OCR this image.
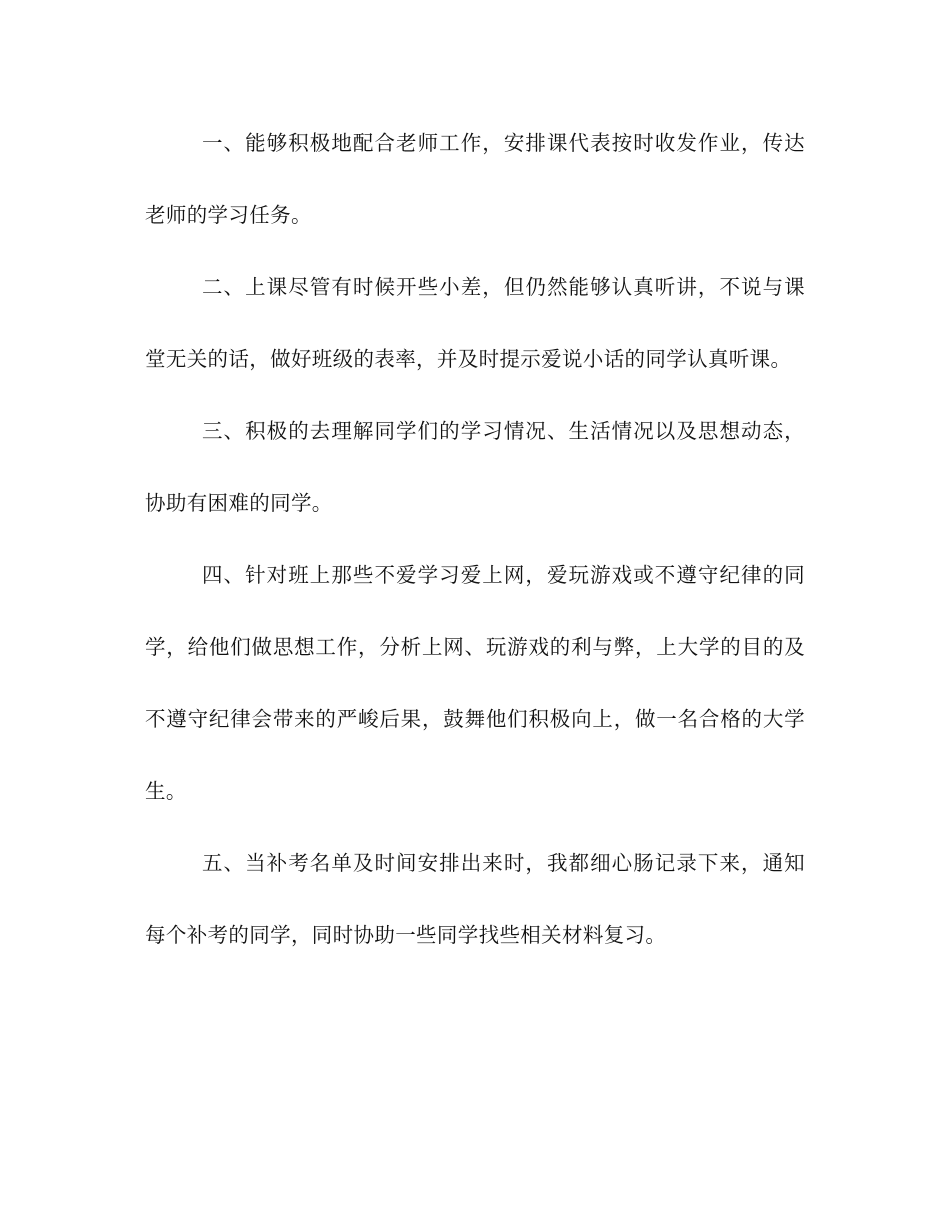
一、能够积极地配合老师工作，安排课代表按时收发作业，传达老师的学习任务。

二、上课尽管有时候开些小差，但仍然能够认真听讲，不说与课堂无关的话，做好班级的表率，并及时提示爱说小话的同学认真听课。

三、积极的去理解同学们的学习情况、生活情况以及思想动态，协助有困难的同学。

四、针对班上那些不爱学习爱上网，爱玩游戏或不遵守纪律的同学，给他们做思想工作，分析上网、玩游戏的利与弊，上大学的目的及不遵守纪律会带来的严峻后果，鼓舞他们积极向上，做一名合格的大学生。

五、当补考名单及时间安排出来时，我都细心肠记录下来，通知每个补考的同学，同时协助一些同学找些相关材料复习。
